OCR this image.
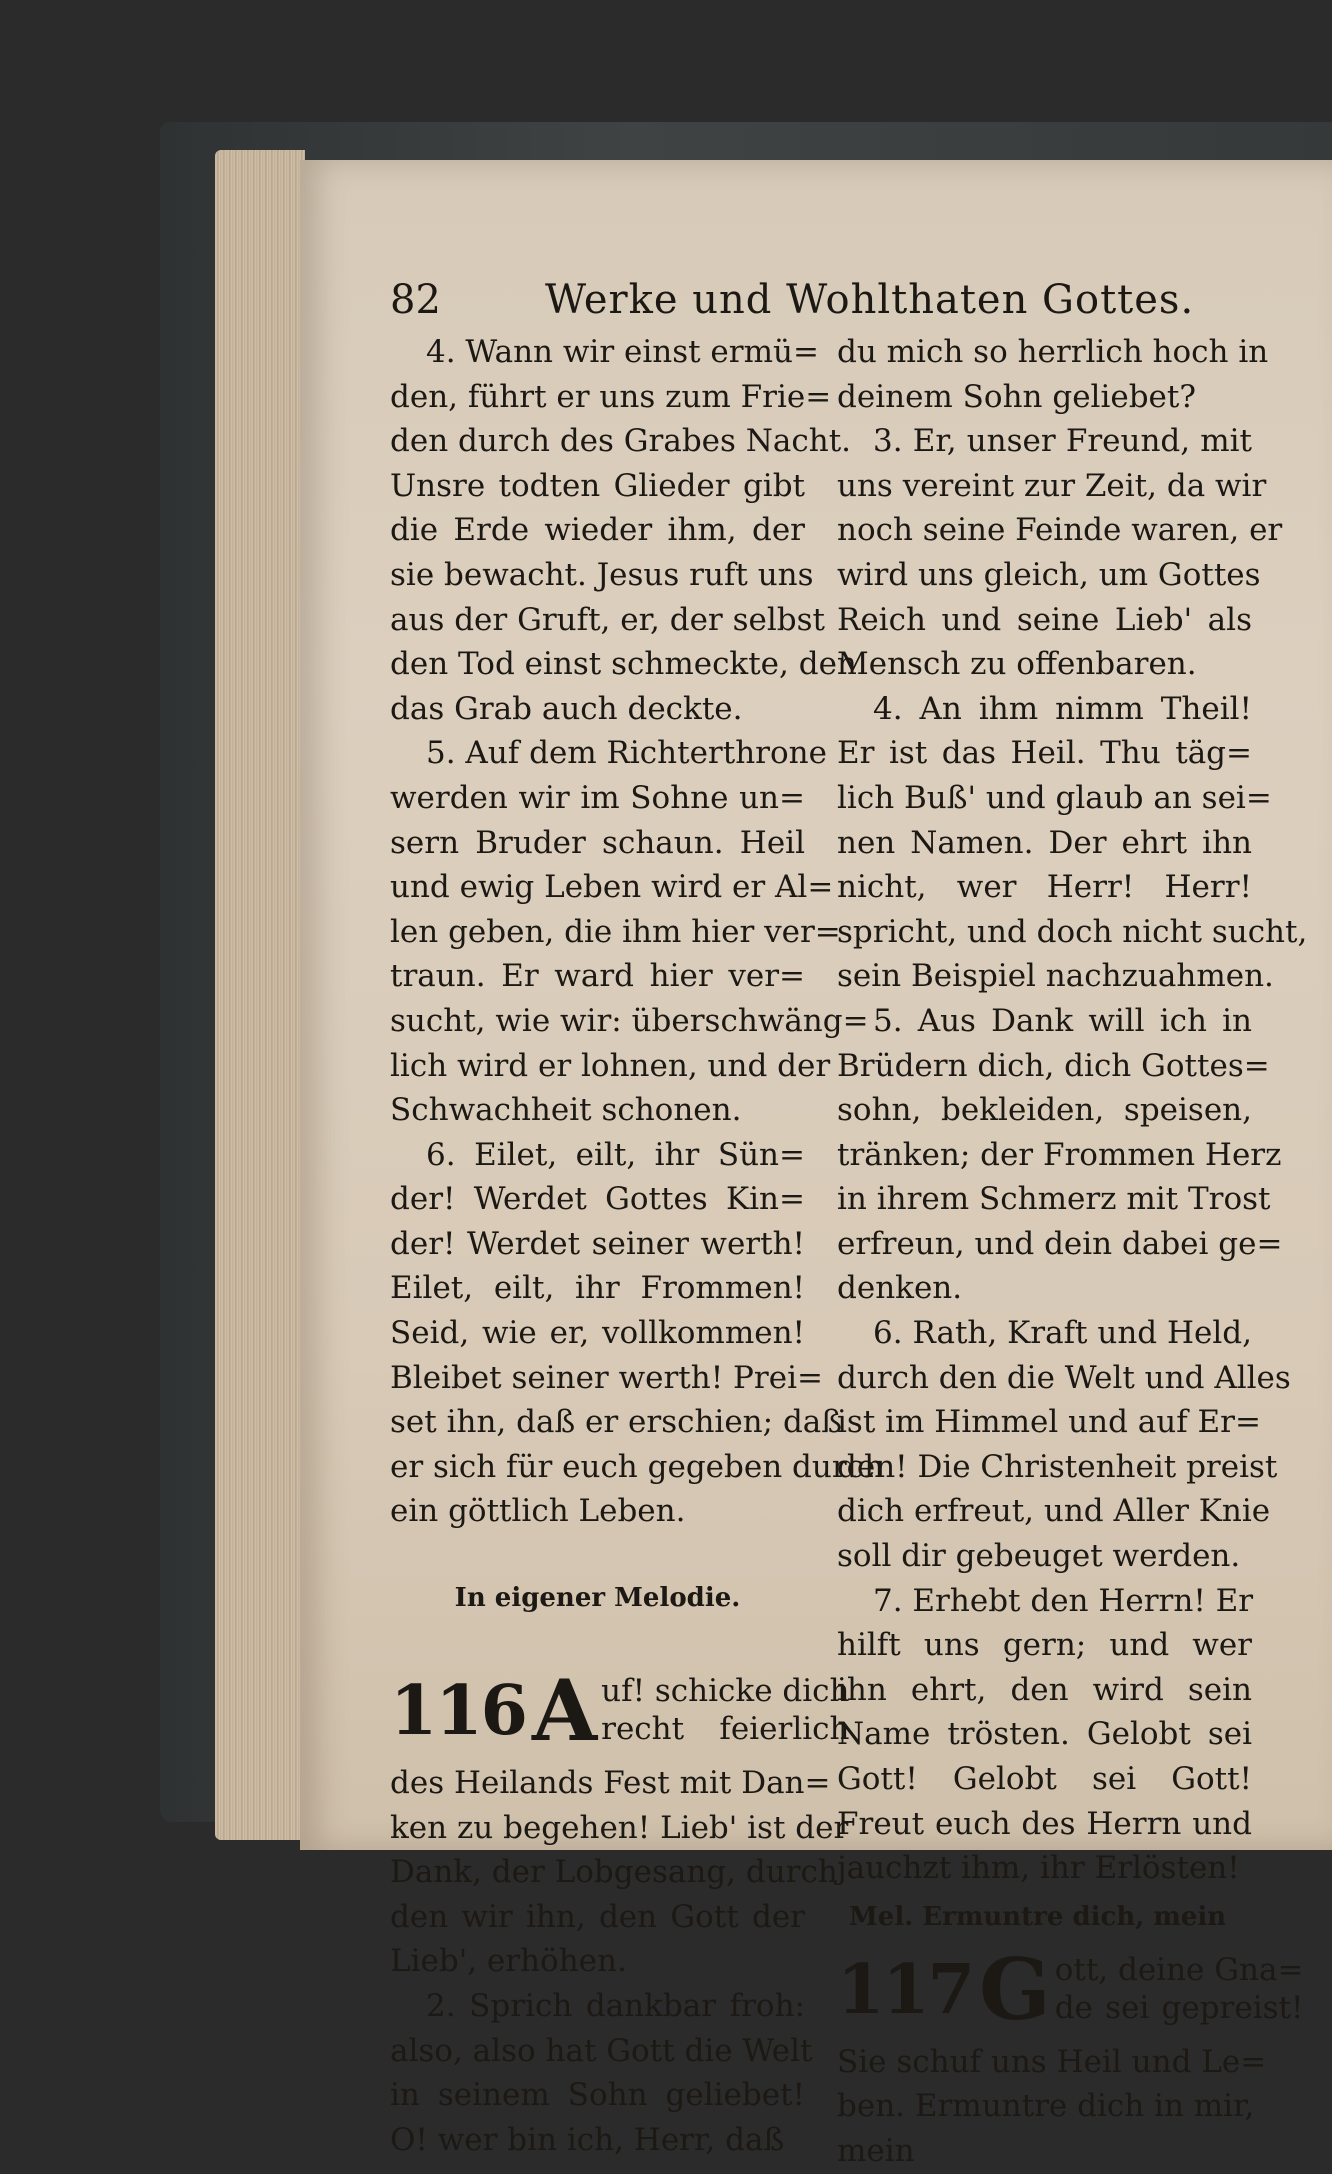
82	Werke und Wohlthaten Gottes.
4. Wann wir einst ermü=
den, führt er uns zum Frie=
den durch des Grabes Nacht.
Unsre todten Glieder gibt
die Erde wieder ihm, der
sie bewacht. Jesus ruft uns
aus der Gruft, er, der selbst
den Tod einst schmeckte, den
das Grab auch deckte.
5. Auf dem Richterthrone
werden wir im Sohne un=
sern Bruder schaun. Heil
und ewig Leben wird er Al=
len geben, die ihm hier ver=
traun. Er ward hier ver=
sucht, wie wir: überschwäng=
lich wird er lohnen, und der
Schwachheit schonen.
6. Eilet, eilt, ihr Sün=
der! Werdet Gottes Kin=
der! Werdet seiner werth!
Eilet, eilt, ihr Frommen!
Seid, wie er, vollkommen!
Bleibet seiner werth! Prei=
set ihn, daß er erschien; daß
er sich für euch gegeben durch
ein göttlich Leben.
In eigener Melodie.
116 A uf! schicke dich
recht feierlich
des Heilands Fest mit Dan=
ken zu begehen! Lieb' ist der
Dank, der Lobgesang, durch
den wir ihn, den Gott der
Lieb', erhöhen.
2. Sprich dankbar froh:
also, also hat Gott die Welt
in seinem Sohn geliebet!
O! wer bin ich, Herr, daß
du mich so herrlich hoch in
deinem Sohn geliebet?
3. Er, unser Freund, mit
uns vereint zur Zeit, da wir
noch seine Feinde waren, er
wird uns gleich, um Gottes
Reich und seine Lieb' als
Mensch zu offenbaren.
4. An ihm nimm Theil!
Er ist das Heil. Thu täg=
lich Buß' und glaub an sei=
nen Namen. Der ehrt ihn
nicht, wer Herr! Herr!
spricht, und doch nicht sucht,
sein Beispiel nachzuahmen.
5. Aus Dank will ich in
Brüdern dich, dich Gottes=
sohn, bekleiden, speisen,
tränken; der Frommen Herz
in ihrem Schmerz mit Trost
erfreun, und dein dabei ge=
denken.
6. Rath, Kraft und Held,
durch den die Welt und Alles
ist im Himmel und auf Er=
den! Die Christenheit preist
dich erfreut, und Aller Knie
soll dir gebeuget werden.
7. Erhebt den Herrn! Er
hilft uns gern; und wer
ihn ehrt, den wird sein
Name trösten. Gelobt sei
Gott! Gelobt sei Gott!
Freut euch des Herrn und
jauchzt ihm, ihr Erlösten!
Mel. Ermuntre dich, mein
117 G ott, deine Gna=
de sei gepreist!
Sie schuf uns Heil und Le=
ben. Ermuntre dich in mir,
mein
